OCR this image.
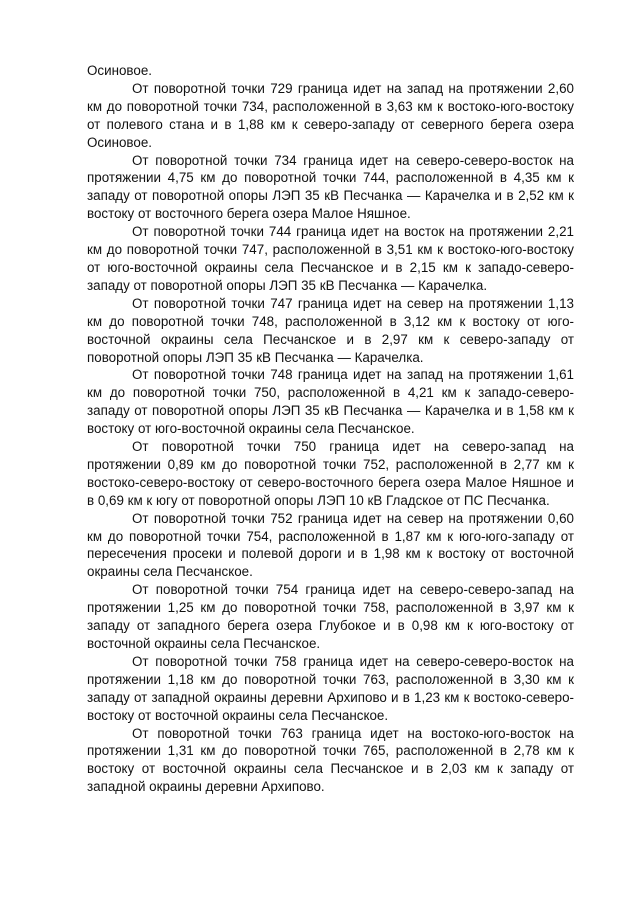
Осиновое.

От поворотной точки 729 граница идет на запад на протяжении 2,60 км до поворотной точки 734, расположенной в 3,63 км к востоко-юго-востоку от полевого стана и в 1,88 км к северо-западу от северного берега озера Осиновое.

От поворотной точки 734 граница идет на северо-северо-восток на протяжении 4,75 км до поворотной точки 744, расположенной в 4,35 км к западу от поворотной опоры ЛЭП 35 кВ Песчанка — Карачелка и в 2,52 км к востоку от восточного берега озера Малое Няшное.

От поворотной точки 744 граница идет на восток на протяжении 2,21 км до поворотной точки 747, расположенной в 3,51 км к востоко-юго-востоку от юго-восточной окраины села Песчанское и в 2,15 км к западо-северо-западу от поворотной опоры ЛЭП 35 кВ Песчанка — Карачелка.

От поворотной точки 747 граница идет на север на протяжении 1,13 км до поворотной точки 748, расположенной в 3,12 км к востоку от юго-восточной окраины села Песчанское и в 2,97 км к северо-западу от поворотной опоры ЛЭП 35 кВ Песчанка — Карачелка.

От поворотной точки 748 граница идет на запад на протяжении 1,61 км до поворотной точки 750, расположенной в 4,21 км к западо-северо-западу от поворотной опоры ЛЭП 35 кВ Песчанка — Карачелка и в 1,58 км к востоку от юго-восточной окраины села Песчанское.

От поворотной точки 750 граница идет на северо-запад на протяжении 0,89 км до поворотной точки 752, расположенной в 2,77 км к востоко-северо-востоку от северо-восточного берега озера Малое Няшное и в 0,69 км к югу от поворотной опоры ЛЭП 10 кВ Гладское от ПС Песчанка.

От поворотной точки 752 граница идет на север на протяжении 0,60 км до поворотной точки 754, расположенной в 1,87 км к юго-юго-западу от пересечения просеки и полевой дороги и в 1,98 км к востоку от восточной окраины села Песчанское.

От поворотной точки 754 граница идет на северо-северо-запад на протяжении 1,25 км до поворотной точки 758, расположенной в 3,97 км к западу от западного берега озера Глубокое и в 0,98 км к юго-востоку от восточной окраины села Песчанское.

От поворотной точки 758 граница идет на северо-северо-восток на протяжении 1,18 км до поворотной точки 763, расположенной в 3,30 км к западу от западной окраины деревни Архипово и в 1,23 км к востоко-северо-востоку от восточной окраины села Песчанское.

От поворотной точки 763 граница идет на востоко-юго-восток на протяжении 1,31 км до поворотной точки 765, расположенной в 2,78 км к востоку от восточной окраины села Песчанское и в 2,03 км к западу от западной окраины деревни Архипово.
